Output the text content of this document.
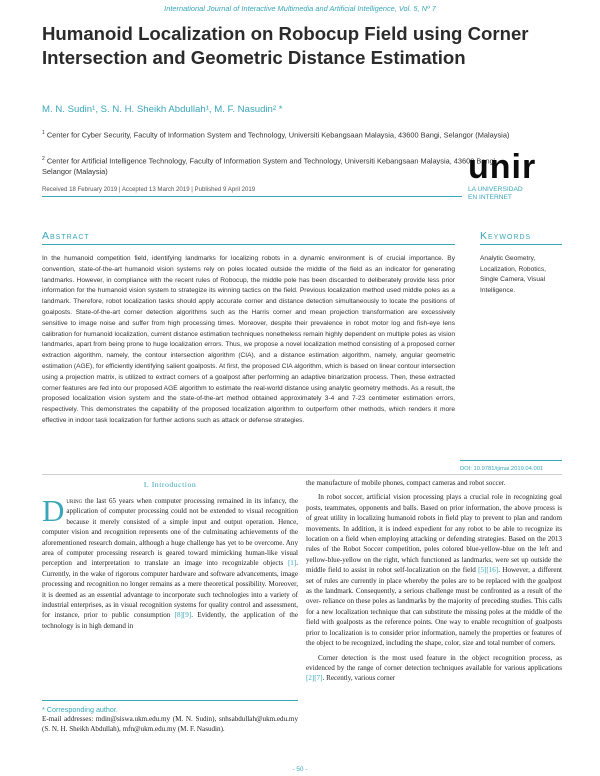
International Journal of Interactive Multimedia and Artificial Intelligence, Vol. 5, Nº 7
Humanoid Localization on Robocup Field using Corner Intersection and Geometric Distance Estimation
M. N. Sudin¹, S. N. H. Sheikh Abdullah¹, M. F. Nasudin² *
$^1$ Center for Cyber Security, Faculty of Information System and Technology, Universiti Kebangsaan Malaysia, 43600 Bangi, Selangor (Malaysia)
$^2$ Center for Artificial Intelligence Technology, Faculty of Information System and Technology, Universiti Kebangsaan Malaysia, 43600 Bangi, Selangor (Malaysia)
Received 18 February 2019 | Accepted 13 March 2019 | Published 9 April 2019
unir
LA UNIVERSIDAD
EN INTERNET
Abstract	Keywords
In the humanoid competition field, identifying landmarks for localizing robots in a dynamic environment is of crucial importance. By convention, state-of-the-art humanoid vision systems rely on poles located outside the middle of the field as an indicator for generating landmarks. However, in compliance with the recent rules of Robocup, the middle pole has been discarded to deliberately provide less prior information for the humanoid vision system to strategize its winning tactics on the field. Previous localization method used middle poles as a landmark. Therefore, robot localization tasks should apply accurate corner and distance detection simultaneously to locate the positions of goalposts. State-of-the-art corner detection algorithms such as the Harris corner and mean projection transformation are excessively sensitive to image noise and suffer from high processing times. Moreover, despite their prevalence in robot motor log and fish-eye lens calibration for humanoid localization, current distance estimation techniques nonetheless remain highly dependent on multiple poles as vision landmarks, apart from being prone to huge localization errors. Thus, we propose a novel localization method consisting of a proposed corner extraction algorithm, namely, the contour intersection algorithm (CIA), and a distance estimation algorithm, namely, angular geometric estimation (AGE), for efficiently identifying salient goalposts. At first, the proposed CIA algorithm, which is based on linear contour intersection using a projection matrix, is utilized to extract corners of a goalpost after performing an adaptive binarization process. Then, these extracted corner features are fed into our proposed AGE algorithm to estimate the real-world distance using analytic geometry methods. As a result, the proposed localization vision system and the state-of-the-art method obtained approximately 3-4 and 7-23 centimeter estimation errors, respectively. This demonstrates the capability of the proposed localization algorithm to outperform other methods, which renders it more effective in indoor task localization for further actions such as attack or defense strategies.
Analytic Geometry, Localization, Robotics, Single Camera, Visual Intelligence.
DOI: 10.9781/ijimai.2019.04.001
I. Introduction
D uring the last 65 years when computer processing remained in its infancy, the application of computer processing could not be extended to visual recognition because it merely consisted of a simple input and output operation. Hence, computer vision and recognition represents one of the culminating achievements of the aforementioned research domain, although a huge challenge has yet to be overcome. Any area of computer processing research is geared toward mimicking human-like visual perception and interpretation to translate an image into recognizable objects [1]. Currently, in the wake of rigorous computer hardware and software advancements, image processing and recognition no longer remains as a mere theoretical possibility. Moreover, it is deemed as an essential advantage to incorporate such technologies into a variety of industrial enterprises, as in visual recognition systems for quality control and assessment, for instance, prior to public consumption [8][9]. Evidently, the application of the technology is in high demand in
* Corresponding author.
E-mail addresses: mdin@siswa.ukm.edu.my (M. N. Sudin), snhsabdullah@ukm.edu.my (S. N. H. Sheikh Abdullah), mfn@ukm.edu.my (M. F. Nasudin).
the manufacture of mobile phones, compact cameras and robot soccer.

In robot soccer, artificial vision processing plays a crucial role in recognizing goal posts, teammates, opponents and balls. Based on prior information, the above process is of great utility in localizing humanoid robots in field play to prevent to plan and random movements. In addition, it is indeed expedient for any robot to be able to recognize its location on a field when employing attacking or defending strategies. Based on the 2013 rules of the Robot Soccer competition, poles colored blue-yellow-blue on the left and yellow-blue-yellow on the right, which functioned as landmarks, were set up outside the middle field to assist in robot self-localization on the field [5][16]. However, a different set of rules are currently in place whereby the poles are to be replaced with the goalpost as the landmark. Consequently, a serious challenge must be confronted as a result of the over- reliance on these poles as landmarks by the majority of preceding studies. This calls for a new localization technique that can substitute the missing poles at the middle of the field with goalposts as the reference points. One way to enable recognition of goalposts prior to localization is to consider prior information, namely the properties or features of the object to be recognized, including the shape, color, size and total number of corners.

Corner detection is the most used feature in the object recognition process, as evidenced by the range of corner detection techniques available for various applications [2][7]. Recently, various corner

- 50 -
